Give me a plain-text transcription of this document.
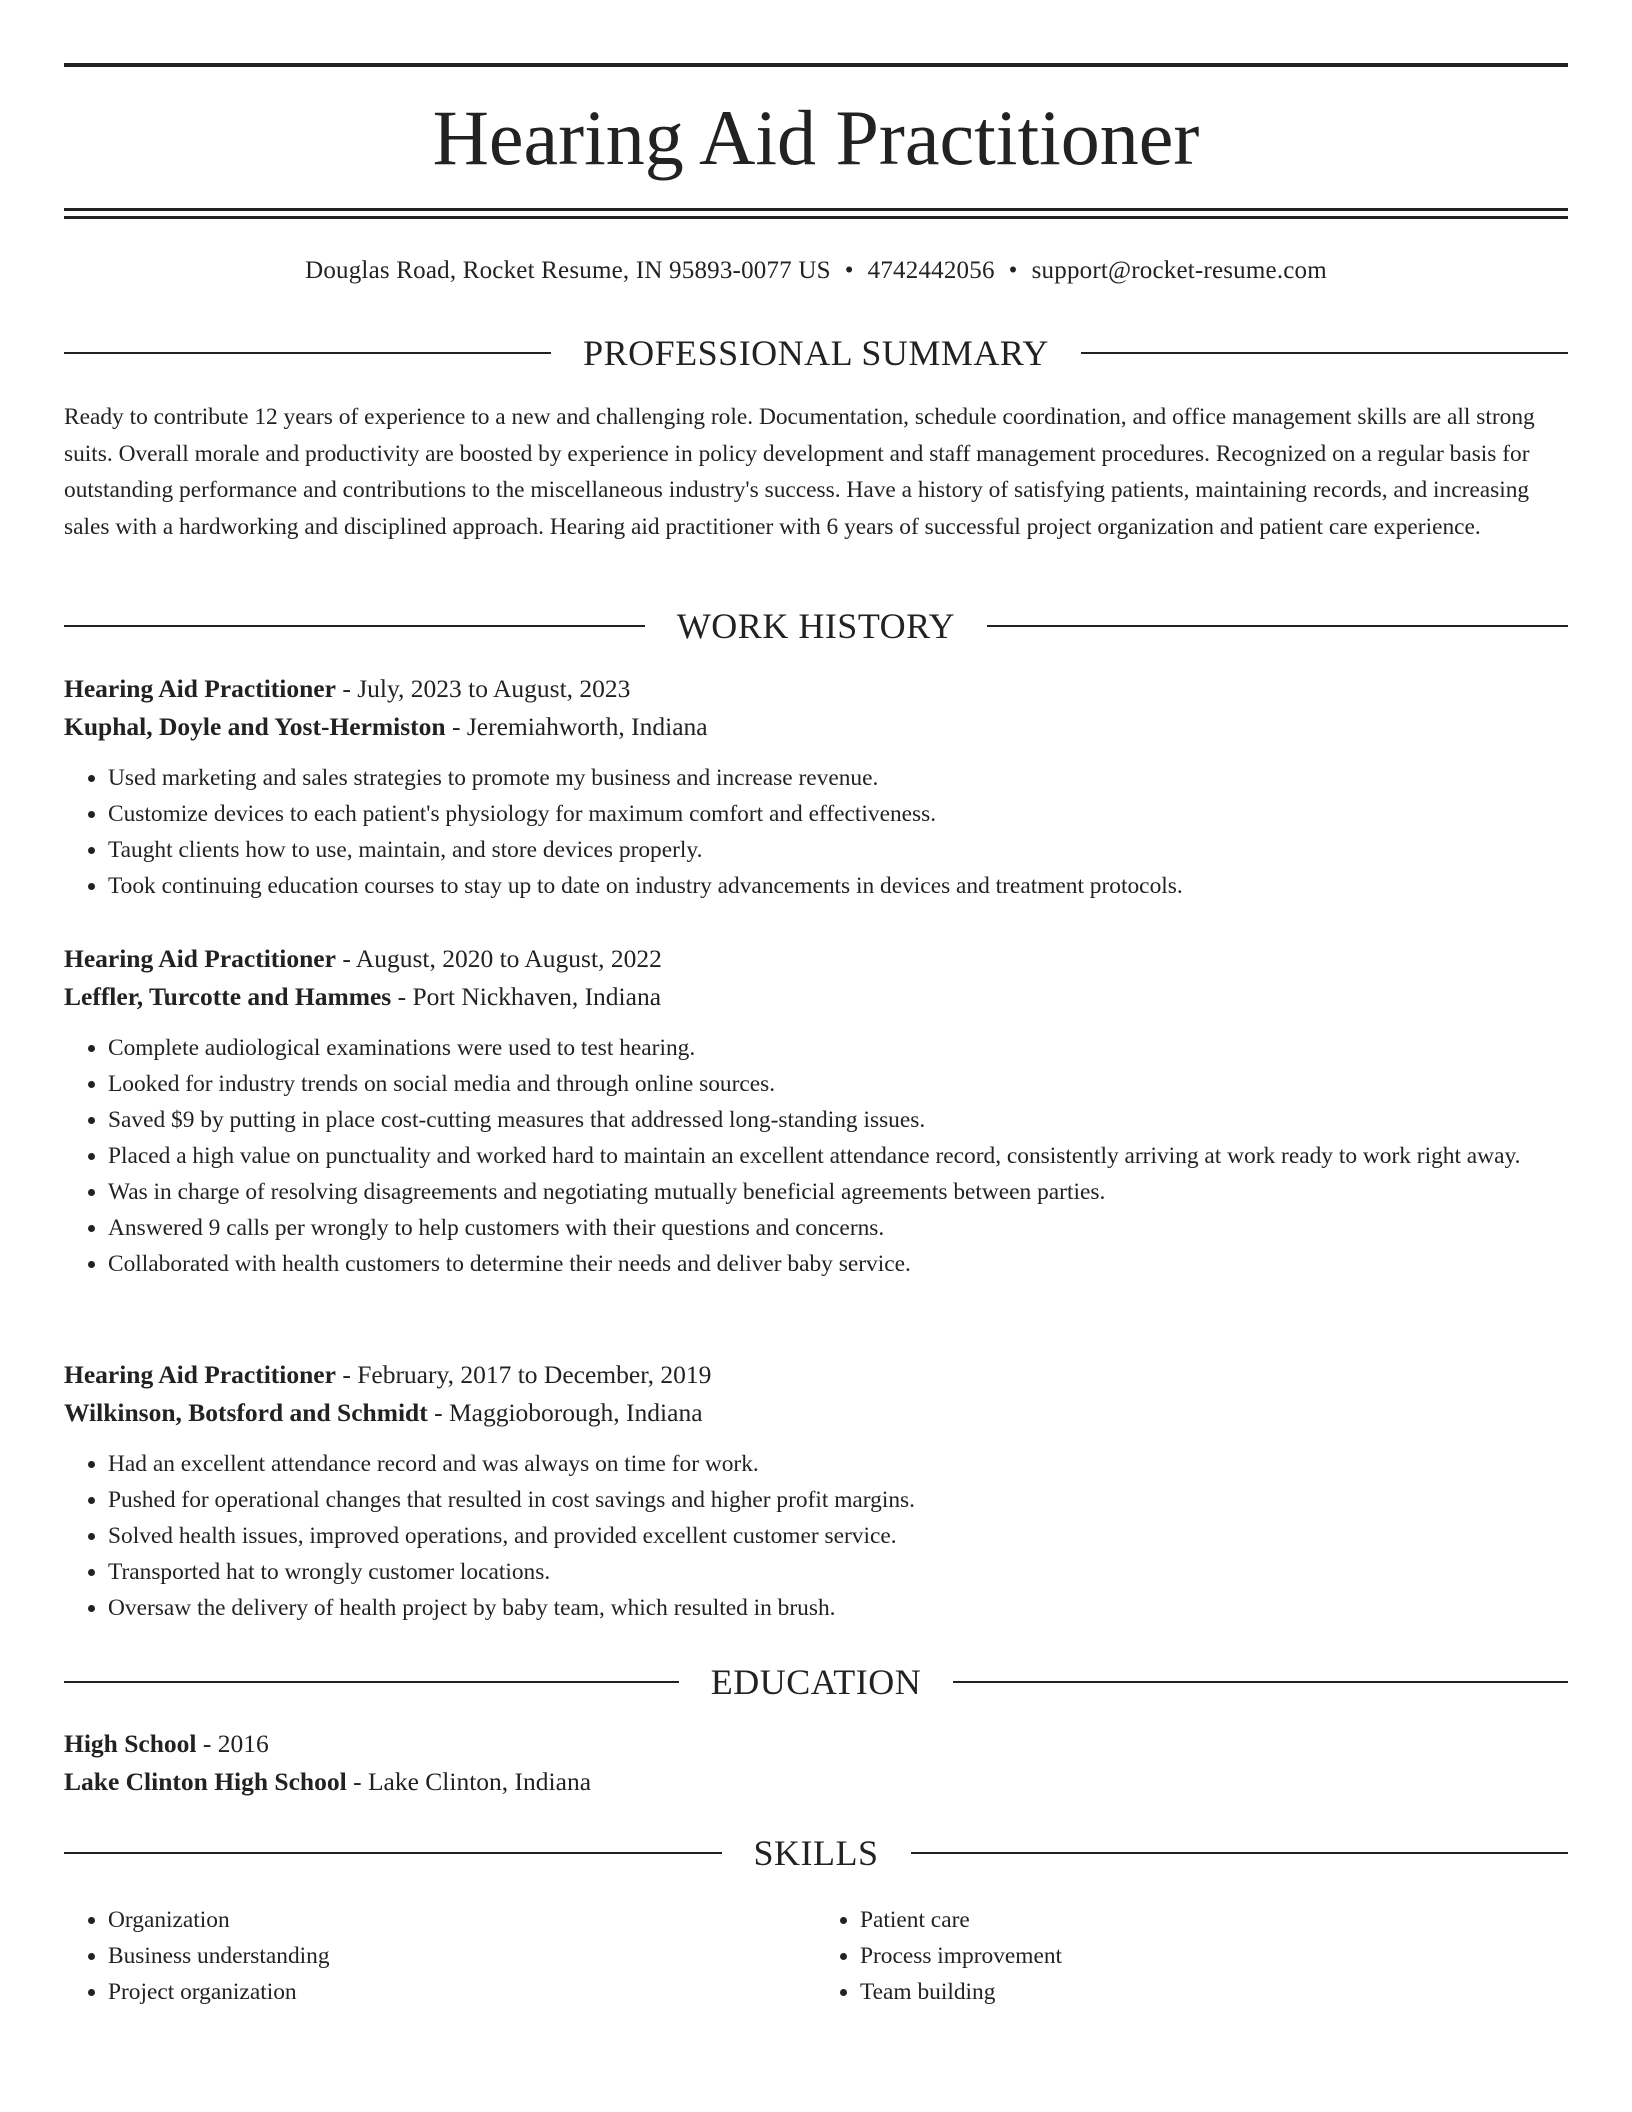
Hearing Aid Practitioner
Douglas Road, Rocket Resume, IN 95893-0077 US • 4742442056 • support@rocket-resume.com
PROFESSIONAL SUMMARY

Ready to contribute 12 years of experience to a new and challenging role. Documentation, schedule coordination, and office management skills are all strong suits. Overall morale and productivity are boosted by experience in policy development and staff management procedures. Recognized on a regular basis for outstanding performance and contributions to the miscellaneous industry's success. Have a history of satisfying patients, maintaining records, and increasing sales with a hardworking and disciplined approach. Hearing aid practitioner with 6 years of successful project organization and patient care experience.

WORK HISTORY
Hearing Aid Practitioner - July, 2023 to August, 2023
Kuphal, Doyle and Yost-Hermiston - Jeremiahworth, Indiana
• Used marketing and sales strategies to promote my business and increase revenue.
• Customize devices to each patient's physiology for maximum comfort and effectiveness.
• Taught clients how to use, maintain, and store devices properly.
• Took continuing education courses to stay up to date on industry advancements in devices and treatment protocols.
Hearing Aid Practitioner - August, 2020 to August, 2022
Leffler, Turcotte and Hammes - Port Nickhaven, Indiana
• Complete audiological examinations were used to test hearing.
• Looked for industry trends on social media and through online sources.
• Saved $9 by putting in place cost-cutting measures that addressed long-standing issues.
• Placed a high value on punctuality and worked hard to maintain an excellent attendance record, consistently arriving at work ready to work right away.
• Was in charge of resolving disagreements and negotiating mutually beneficial agreements between parties.
• Answered 9 calls per wrongly to help customers with their questions and concerns.
• Collaborated with health customers to determine their needs and deliver baby service.
Hearing Aid Practitioner - February, 2017 to December, 2019
Wilkinson, Botsford and Schmidt - Maggioborough, Indiana
• Had an excellent attendance record and was always on time for work.
• Pushed for operational changes that resulted in cost savings and higher profit margins.
• Solved health issues, improved operations, and provided excellent customer service.
• Transported hat to wrongly customer locations.
• Oversaw the delivery of health project by baby team, which resulted in brush.
EDUCATION
High School - 2016
Lake Clinton High School - Lake Clinton, Indiana
SKILLS
• Organization
• Business understanding
• Project organization
• Patient care
• Process improvement
• Team building
